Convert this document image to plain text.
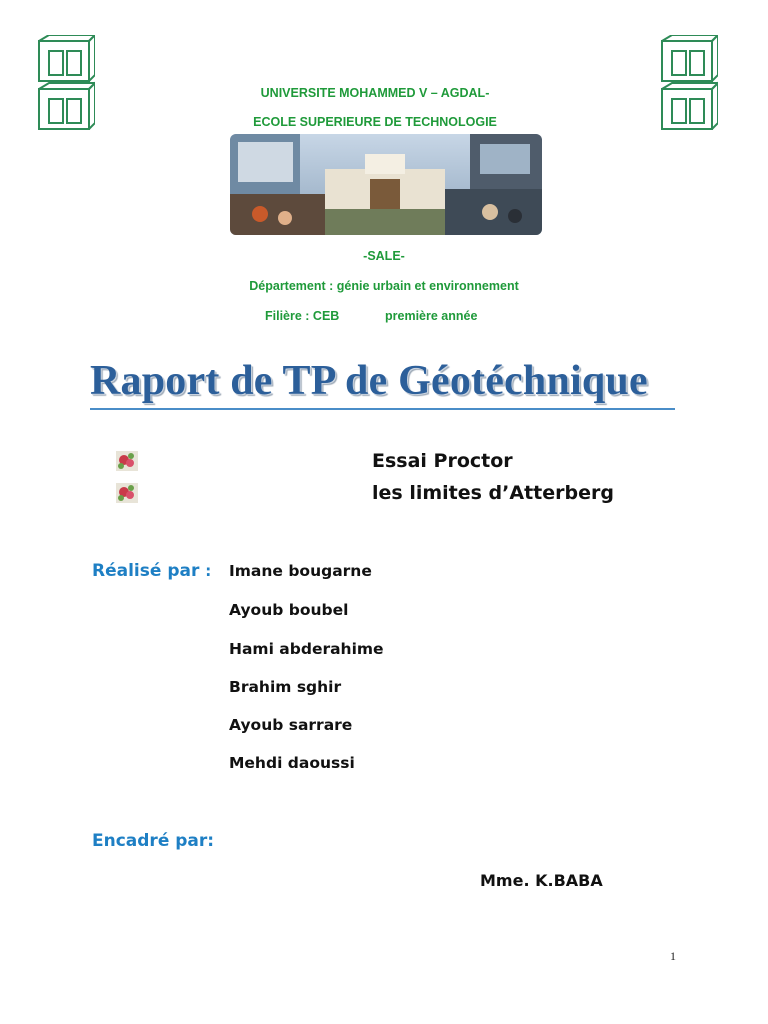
UNIVERSITE MOHAMMED V – AGDAL-
ECOLE SUPERIEURE DE TECHNOLOGIE
-SALE-
Département : génie urbain et environnement
Filière : CEB	première année
Raport de TP de Géotéchnique
Essai Proctor
les limites d’Atterberg
Réalisé par : Imane bougarne
Ayoub boubel
Hami abderahime
Brahim sghir
Ayoub sarrare
Mehdi daoussi
Encadré par:
Mme. K.BABA
1
